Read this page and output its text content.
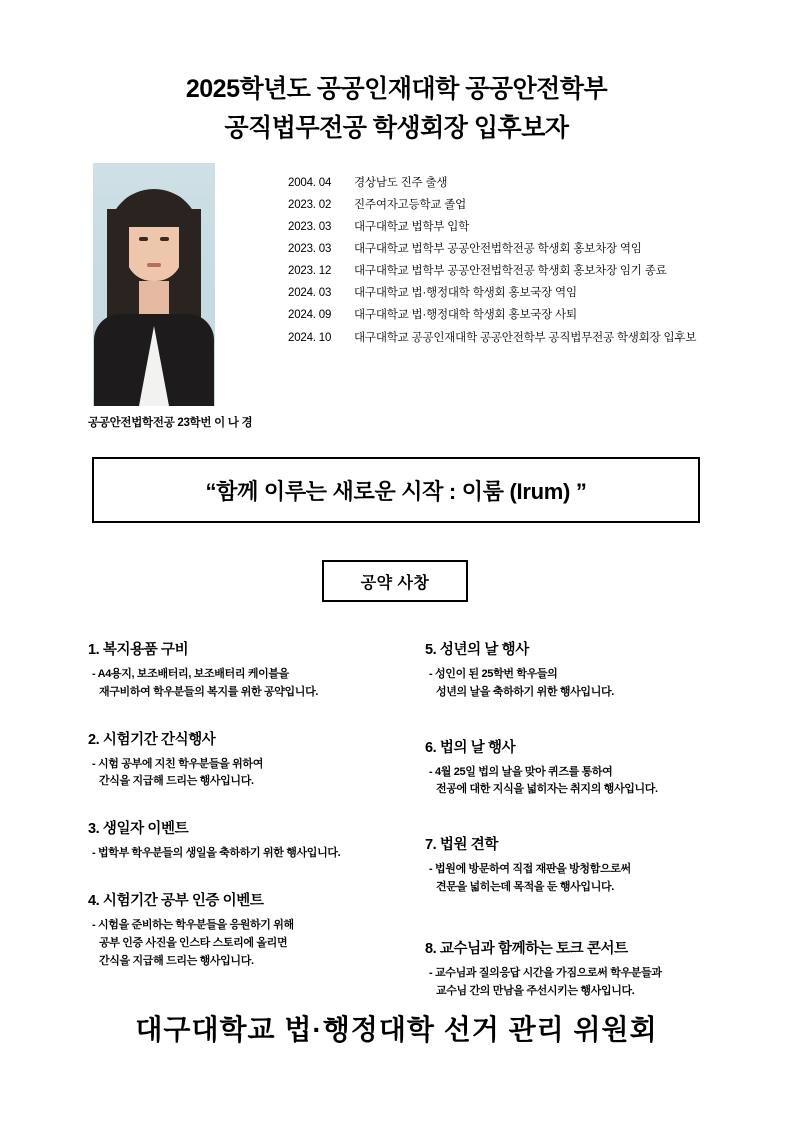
2025학년도 공공인재대학 공공안전학부
공직법무전공 학생회장 입후보자
공공안전법학전공 23학번 이 나 경
2004. 04 경상남도 진주 출생
2023. 02 진주여자고등학교 졸업
2023. 03 대구대학교 법학부 입학
2023. 03 대구대학교 법학부 공공안전법학전공 학생회 홍보차장 역임
2023. 12 대구대학교 법학부 공공안전법학전공 학생회 홍보차장 임기 종료
2024. 03 대구대학교 법·행정대학 학생회 홍보국장 역임
2024. 09 대구대학교 법·행정대학 학생회 홍보국장 사퇴
2024. 10 대구대학교 공공인재대학 공공안전학부 공직법무전공 학생회장 입후보
“함께 이루는 새로운 시작 : 이룸 (Irum) ”
공약 사창
1. 복지용품 구비
- A4용지, 보조배터리, 보조배터리 케이블을
재구비하여 학우분들의 복지를 위한 공약입니다.
2. 시험기간 간식행사
- 시험 공부에 지친 학우분들을 위하여
간식을 지급해 드리는 행사입니다.
3. 생일자 이벤트
- 법학부 학우분들의 생일을 축하하기 위한 행사입니다.
4. 시험기간 공부 인증 이벤트
- 시험을 준비하는 학우분들을 응원하기 위해
공부 인증 사진을 인스타 스토리에 올리면
간식을 지급해 드리는 행사입니다.
5. 성년의 날 행사
- 성인이 된 25학번 학우들의
성년의 날을 축하하기 위한 행사입니다.
6. 법의 날 행사
- 4월 25일 법의 날을 맞아 퀴즈를 통하여
전공에 대한 지식을 넓히자는 취지의 행사입니다.
7. 법원 견학
- 법원에 방문하여 직접 재판을 방청함으로써
견문을 넓히는데 목적을 둔 행사입니다.
8. 교수님과 함께하는 토크 콘서트
- 교수님과 질의응답 시간을 가짐으로써 학우분들과
교수님 간의 만남을 주선시키는 행사입니다.
대구대학교 법·행정대학 선거 관리 위원회
